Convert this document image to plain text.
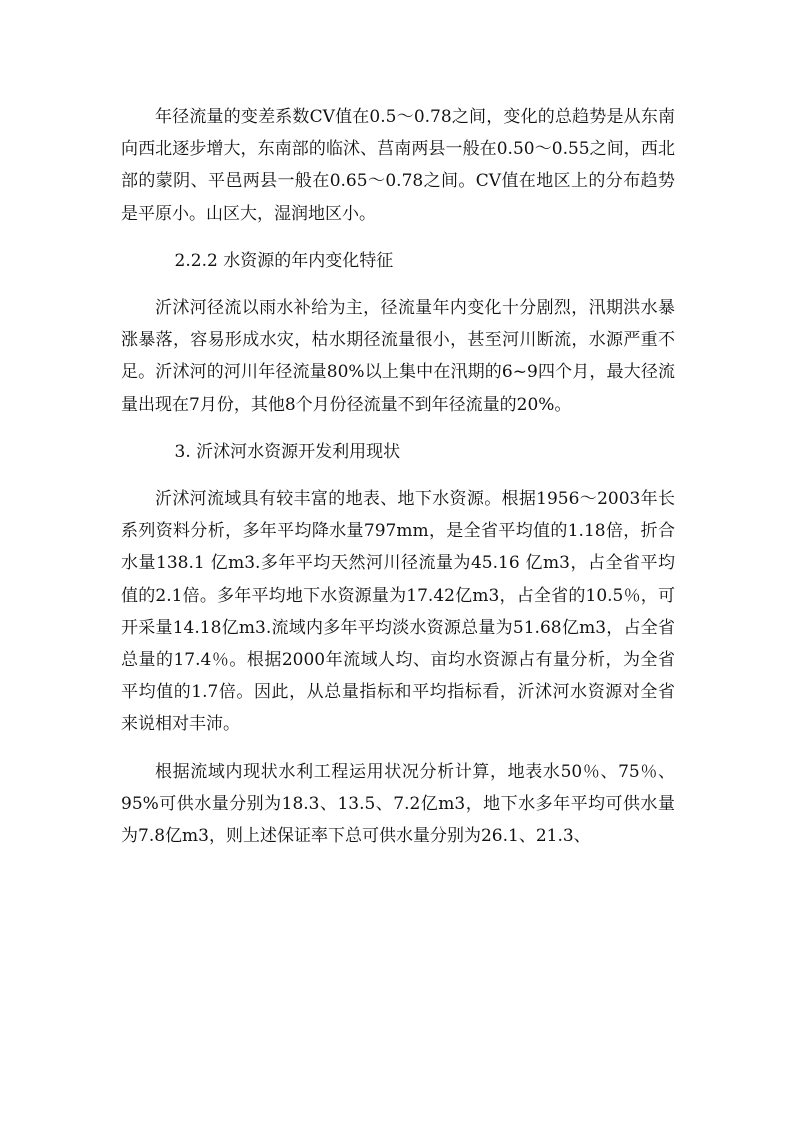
年径流量的变差系数CV值在0.5～0.78之间，变化的总趋势是从东南向西北逐步增大，东南部的临沭、莒南两县一般在0.50～0.55之间，西北部的蒙阴、平邑两县一般在0.65～0.78之间。CV值在地区上的分布趋势是平原小。山区大，湿润地区小。

2.2.2 水资源的年内变化特征

沂沭河径流以雨水补给为主，径流量年内变化十分剧烈，汛期洪水暴涨暴落，容易形成水灾，枯水期径流量很小，甚至河川断流，水源严重不足。沂沭河的河川年径流量80%以上集中在汛期的6~9四个月，最大径流量出现在7月份，其他8个月份径流量不到年径流量的20%。

3. 沂沭河水资源开发利用现状

沂沭河流域具有较丰富的地表、地下水资源。根据1956～2003年长系列资料分析，多年平均降水量797mm，是全省平均值的1.18倍，折合水量138.1 亿m3.多年平均天然河川径流量为45.16 亿m3，占全省平均值的2.1倍。多年平均地下水资源量为17.42亿m3，占全省的10.5％，可开采量14.18亿m3.流域内多年平均淡水资源总量为51.68亿m3，占全省总量的17.4％。根据2000年流域人均、亩均水资源占有量分析，为全省平均值的1.7倍。因此，从总量指标和平均指标看，沂沭河水资源对全省来说相对丰沛。

根据流域内现状水利工程运用状况分析计算，地表水50％、75％、95%可供水量分别为18.3、13.5、7.2亿m3，地下水多年平均可供水量为7.8亿m3，则上述保证率下总可供水量分别为26.1、21.3、
